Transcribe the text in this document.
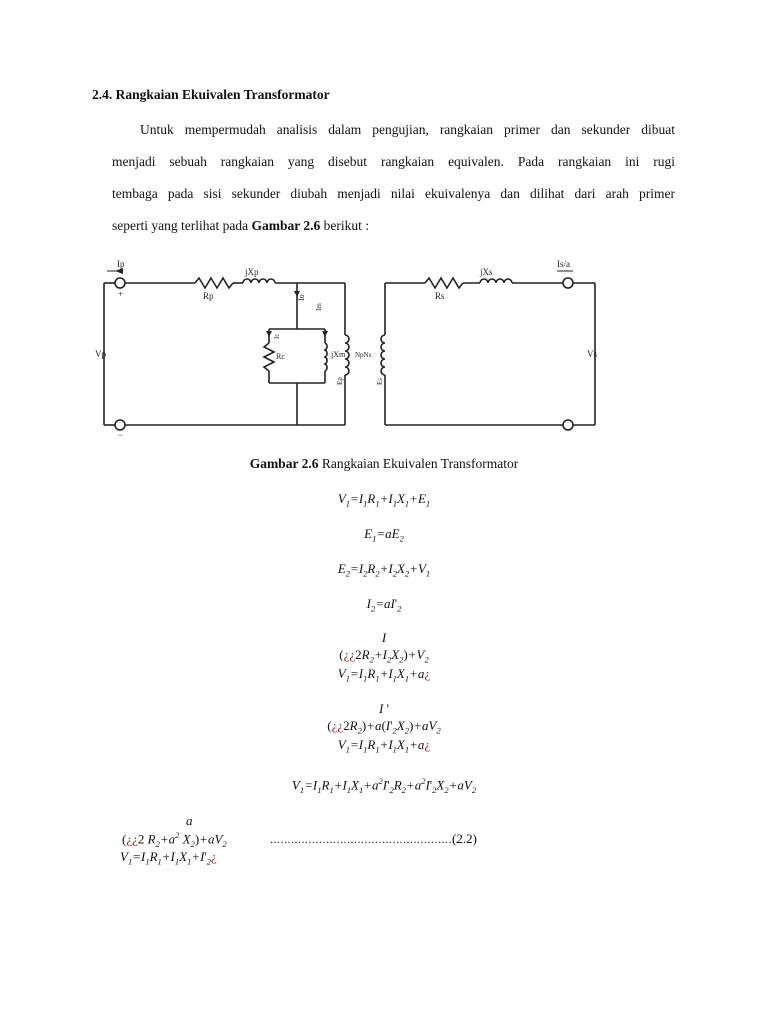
2.4. Rangkaian Ekuivalen Transformator

Untuk mempermudah analisis dalam pengujian, rangkaian primer dan sekunder dibuat

menjadi sebuah rangkaian yang disebut rangkaian equivalen. Pada rangkaian ini rugi

tembaga pada sisi sekunder diubah menjadi nilai ekuivalenya dan dilihat dari arah primer

seperti yang terlihat pada Gambar 2.6 berikut :

Ip
+
−
Vp
Rp
jXp
Io
Ic
Im
Rc	jXm NpNs
Ep	Es
Rs
jXs
Is/a
Vs
Gambar 2.6 Rangkaian Ekuivalen Transformator
$V_1=I_1R_1+I_1X_1+E_1$
$E_1=aE_2$
$E_2=I_2R_2+I_2X_2+V_1$
$I_2=aI'_2$
I
$(¿¿2R_2+I_2X_2)+V_2$
$V_1=I_1R_1+I_1X_1+a¿$
I '
$(¿¿2R_2)+a(I'_2X_2)+aV_2$
$V_1=I_1R_1+I_1X_1+a¿$
$V_1=I_1R_1+I_1X_1+a^2I'_2R_2+a^2I'_2X_2+aV_2$
a
(¿¿2 $R_2+a^2$ $X_2)+aV_2$
$V_1=I_1R_1+I_1X_1+I'_2¿$
......................................................
(2.2)
